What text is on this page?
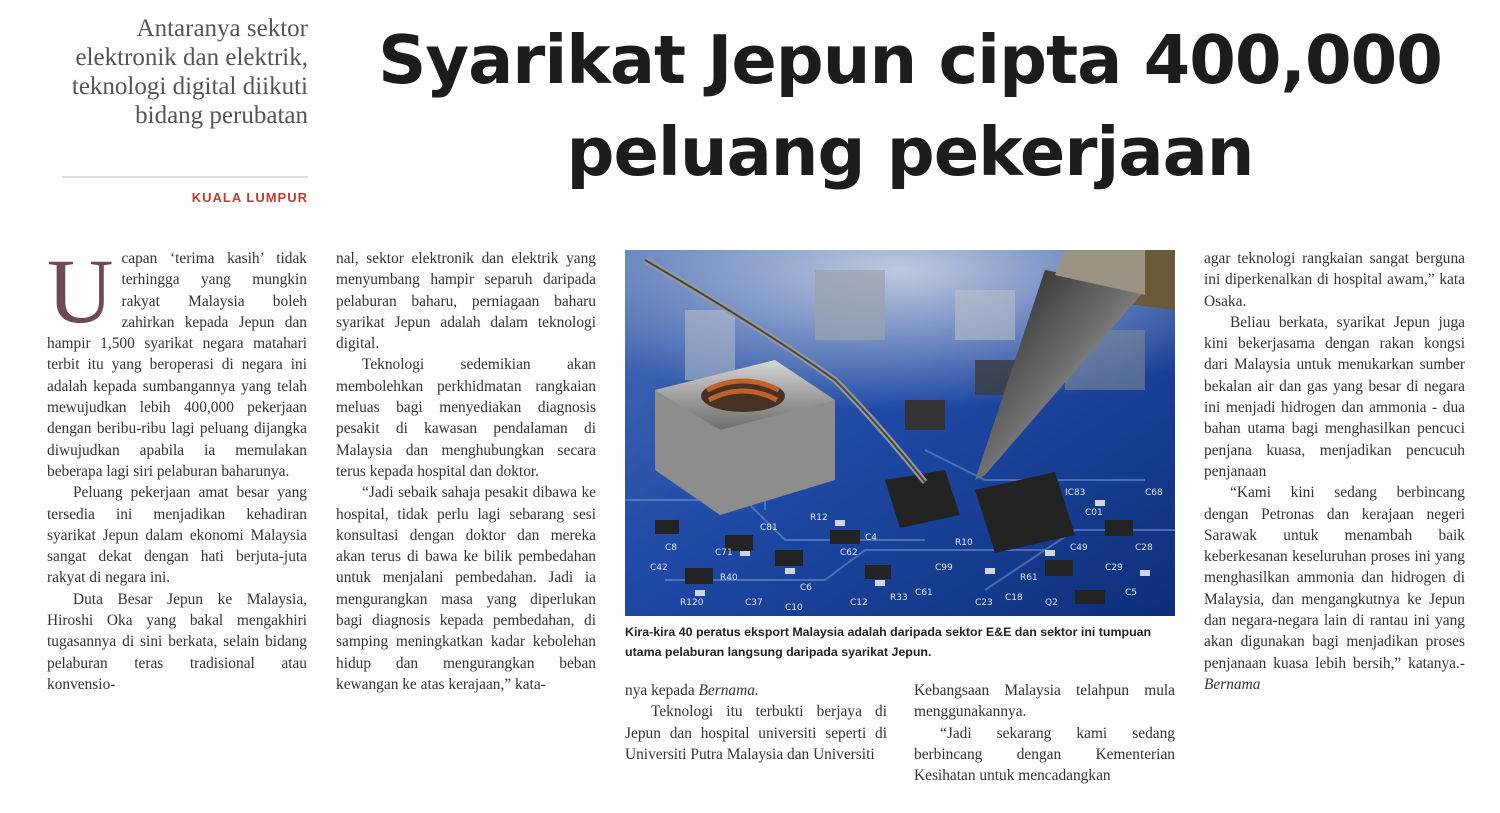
Antaranya sektor
elektronik dan elektrik,
teknologi digital diikuti
bidang perubatan
KUALA LUMPUR
Syarikat Jepun cipta 400,000
peluang pekerjaan

Ucapan ‘terima kasih’ tidak terhingga yang mungkin rakyat Malaysia boleh zahirkan kepada Jepun dan hampir 1,500 syarikat negara matahari terbit itu yang beroperasi di negara ini adalah kepada sumbangannya yang telah mewujudkan lebih 400,000 pekerjaan dengan beribu-ribu lagi peluang dijangka diwujudkan apabila ia memulakan beberapa lagi siri pelaburan baharunya.

Peluang pekerjaan amat besar yang tersedia ini menjadikan kehadiran syarikat Jepun dalam ekonomi Malaysia sangat dekat dengan hati berjuta-juta rakyat di negara ini.

Duta Besar Jepun ke Malaysia, Hiroshi Oka yang bakal mengakhiri tugasannya di sini berkata, selain bidang pelaburan teras tradisional atau konvensio-

nal, sektor elektronik dan elektrik yang menyumbang hampir separuh daripada pelaburan baharu, perniagaan baharu syarikat Jepun adalah dalam teknologi digital.

Teknologi sedemikian akan membolehkan perkhidmatan rangkaian meluas bagi menyediakan diagnosis pesakit di kawasan pendalaman di Malaysia dan menghubungkan secara terus kepada hospital dan doktor.

“Jadi sebaik sahaja pesakit dibawa ke hospital, tidak perlu lagi sebarang sesi konsultasi dengan doktor dan mereka akan terus di bawa ke bilik pembedahan untuk menjalani pembedahan. Jadi ia mengurangkan masa yang diperlukan bagi diagnosis kepada pembedahan, di samping meningkatkan kadar kebolehan hidup dan mengurangkan beban kewangan ke atas kerajaan,” kata-

C8
R40
C81
C6
C62
R33
C99
R61
C49
C5
R120	C37
R12
C4	R10
C18
C01
C28
C42
C61
C10	C12	C23	Q2
C29
C68
IC83
C71
Kira-kira 40 peratus eksport Malaysia adalah daripada sektor E&E dan sektor ini tumpuan utama pelaburan langsung daripada syarikat Jepun.

nya kepada Bernama.

Teknologi itu terbukti berjaya di Jepun dan hospital universiti seperti di Universiti Putra Malaysia dan Universiti

Kebangsaan Malaysia telahpun mula menggunakannya.

“Jadi sekarang kami sedang berbincang dengan Kementerian Kesihatan untuk mencadangkan

agar teknologi rangkaian sangat berguna ini diperkenalkan di hospital awam,” kata Osaka.

Beliau berkata, syarikat Jepun juga kini bekerjasama dengan rakan kongsi dari Malaysia untuk menukarkan sumber bekalan air dan gas yang besar di negara ini menjadi hidrogen dan ammonia - dua bahan utama bagi menghasilkan pencuci penjana kuasa, menjadikan pencucuh penjanaan

“Kami kini sedang berbincang dengan Petronas dan kerajaan negeri Sarawak untuk menambah baik keberkesanan keseluruhan proses ini yang menghasilkan ammonia dan hidrogen di Malaysia, dan mengangkutnya ke Jepun dan negara-negara lain di rantau ini yang akan digunakan bagi menjadikan proses penjanaan kuasa lebih bersih,” katanya.- Bernama
